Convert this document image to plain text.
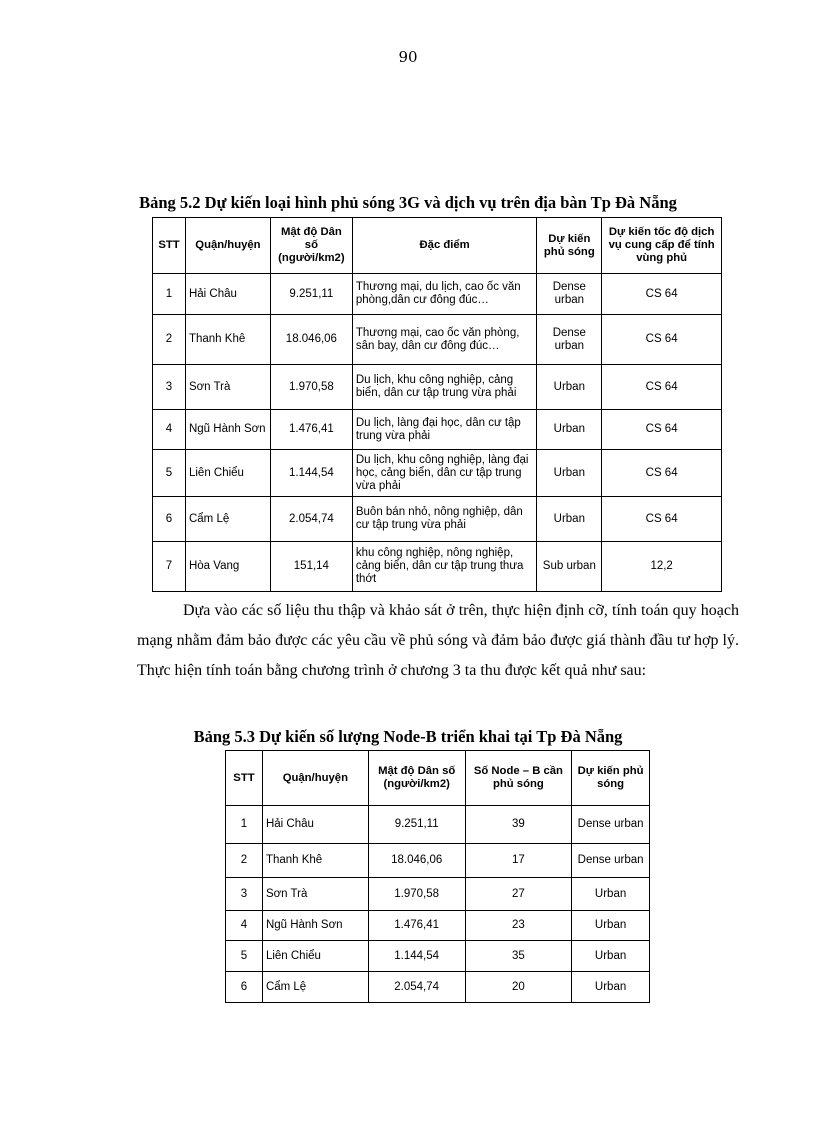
90
Bảng 5.2 Dự kiến loại hình phủ sóng 3G và dịch vụ trên địa bàn Tp Đà Nẵng
STT	Quận/huyện	Mật độ Dân số (người/km2)	Đặc điểm	Dự kiến phủ sóng	Dự kiến tốc độ dịch vụ cung cấp để tính vùng phủ
1	Hải Châu	9.251,11	Thương mại, du lịch, cao ốc văn phòng,dân cư đông đúc…	Dense urban	CS 64
2	Thanh Khê	18.046,06	Thương mại, cao ốc văn phòng, sân bay, dân cư đông đúc…	Dense urban	CS 64
3	Sơn Trà	1.970,58	Du lịch, khu công nghiệp, cảng biển, dân cư tập trung vừa phải	Urban	CS 64
4	Ngũ Hành Sơn	1.476,41	Du lịch, làng đại học, dân cư tập trung vừa phải	Urban	CS 64
5	Liên Chiểu	1.144,54	Du lịch, khu công nghiệp, làng đại học, cảng biển, dân cư tập trung vừa phải	Urban	CS 64
6	Cẩm Lệ	2.054,74	Buôn bán nhỏ, nông nghiệp, dân cư tập trung vừa phải	Urban	CS 64
7	Hòa Vang	151,14	khu công nghiệp, nông nghiệp, cảng biển, dân cư tập trung thưa thớt	Sub urban	12,2
Dựa vào các số liệu thu thập và khảo sát ở trên, thực hiện định cỡ, tính toán quy hoạch mạng nhằm đảm bảo được các yêu cầu về phủ sóng và đảm bảo được giá thành đầu tư hợp lý. Thực hiện tính toán bằng chương trình ở chương 3 ta thu được kết quả như sau:
Bảng 5.3 Dự kiến số lượng Node-B triển khai tại Tp Đà Nẵng
STT	Quận/huyện	Mật độ Dân số (người/km2)	Số Node – B cần phủ sóng	Dự kiến phủ sóng
1	Hải Châu	9.251,11	39	Dense urban
2	Thanh Khê	18.046,06	17	Dense urban
3	Sơn Trà	1.970,58	27	Urban
4	Ngũ Hành Sơn	1.476,41	23	Urban
5	Liên Chiểu	1.144,54	35	Urban
6	Cẩm Lệ	2.054,74	20	Urban
